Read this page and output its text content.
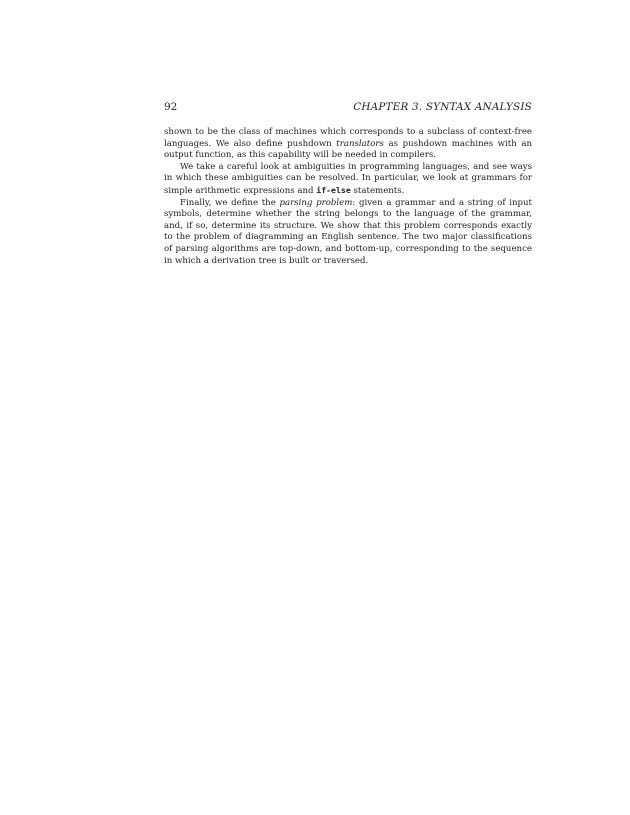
92	CHAPTER 3. SYNTAX ANALYSIS

shown to be the class of machines which corresponds to a subclass of context-free languages. We also define pushdown translators as pushdown machines with an output function, as this capability will be needed in compilers.

We take a careful look at ambiguities in programming languages, and see ways in which these ambiguities can be resolved. In particular, we look at grammars for simple arithmetic expressions and if-else statements.

Finally, we define the parsing problem: given a grammar and a string of input symbols, determine whether the string belongs to the language of the grammar, and, if so, determine its structure. We show that this problem corresponds exactly to the problem of diagramming an English sentence. The two major classifications of parsing algorithms are top-down, and bottom-up, corresponding to the sequence in which a derivation tree is built or traversed.
